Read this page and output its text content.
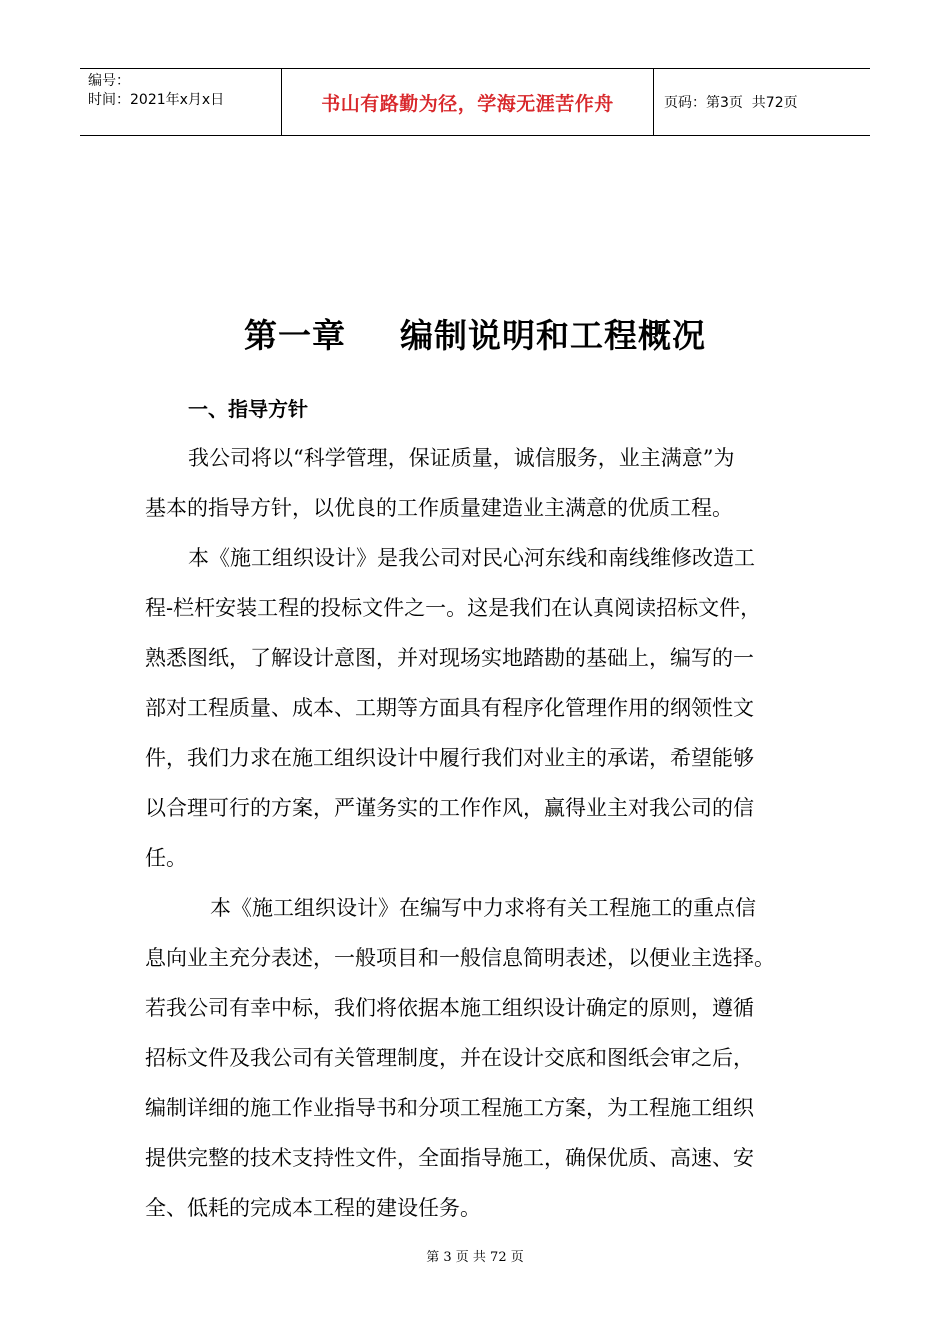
编号：
时间：2021年x月x日	书山有路勤为径，学海无涯苦作舟	页码：第3页  共72页
第一章 编制说明和工程概况
一、指导方针
我公司将以“科学管理，保证质量，诚信服务，业主满意”为
基本的指导方针，以优良的工作质量建造业主满意的优质工程。
本《施工组织设计》是我公司对民心河东线和南线维修改造工
程-栏杆安装工程的投标文件之一。这是我们在认真阅读招标文件，
熟悉图纸，了解设计意图，并对现场实地踏勘的基础上，编写的一
部对工程质量、成本、工期等方面具有程序化管理作用的纲领性文
件，我们力求在施工组织设计中履行我们对业主的承诺，希望能够
以合理可行的方案，严谨务实的工作作风，赢得业主对我公司的信
任。
本《施工组织设计》在编写中力求将有关工程施工的重点信
息向业主充分表述，一般项目和一般信息简明表述，以便业主选择。
若我公司有幸中标，我们将依据本施工组织设计确定的原则，遵循
招标文件及我公司有关管理制度，并在设计交底和图纸会审之后，
编制详细的施工作业指导书和分项工程施工方案，为工程施工组织
提供完整的技术支持性文件，全面指导施工，确保优质、高速、安
全、低耗的完成本工程的建设任务。
第 3 页 共 72 页
